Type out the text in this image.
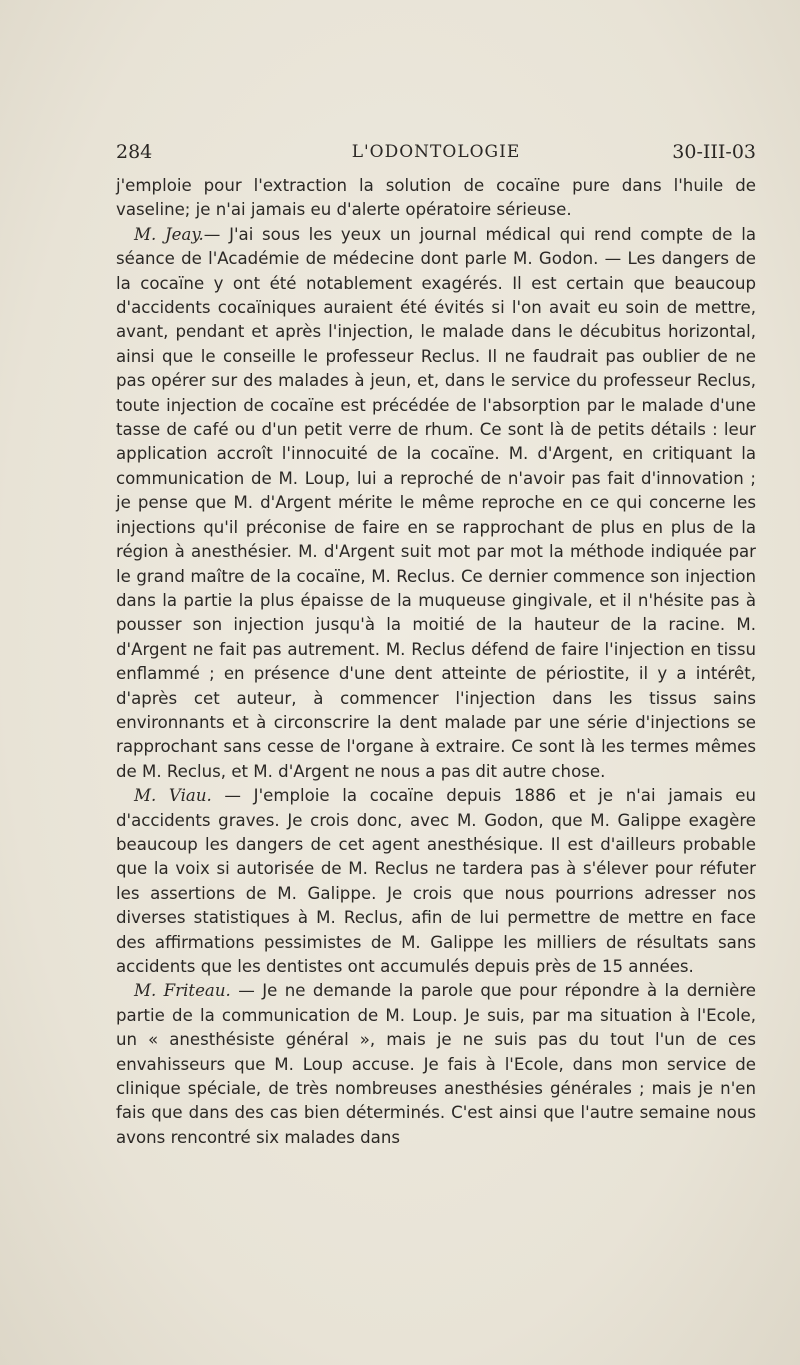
284	L'ODONTOLOGIE	30-III-03

j'emploie pour l'extraction la solution de cocaïne pure dans l'huile de vaseline; je n'ai jamais eu d'alerte opératoire sérieuse.

M. Jeay.— J'ai sous les yeux un journal médical qui rend compte de la séance de l'Académie de médecine dont parle M. Godon. — Les dangers de la cocaïne y ont été notablement exagérés. Il est certain que beaucoup d'accidents cocaïniques auraient été évités si l'on avait eu soin de mettre, avant, pendant et après l'injection, le malade dans le décubitus horizontal, ainsi que le conseille le professeur Reclus. Il ne faudrait pas oublier de ne pas opérer sur des malades à jeun, et, dans le service du professeur Reclus, toute injection de cocaïne est précédée de l'absorption par le malade d'une tasse de café ou d'un petit verre de rhum. Ce sont là de petits détails : leur application accroît l'innocuité de la cocaïne. M. d'Argent, en critiquant la communication de M. Loup, lui a reproché de n'avoir pas fait d'innovation ; je pense que M. d'Argent mérite le même reproche en ce qui concerne les injections qu'il préconise de faire en se rapprochant de plus en plus de la région à anesthésier. M. d'Argent suit mot par mot la méthode indiquée par le grand maître de la cocaïne, M. Reclus. Ce dernier commence son injection dans la partie la plus épaisse de la muqueuse gingivale, et il n'hésite pas à pousser son injection jusqu'à la moitié de la hauteur de la racine. M. d'Argent ne fait pas autrement. M. Reclus défend de faire l'injection en tissu enflammé ; en présence d'une dent atteinte de périostite, il y a intérêt, d'après cet auteur, à commencer l'injection dans les tissus sains environnants et à circonscrire la dent malade par une série d'injections se rapprochant sans cesse de l'organe à extraire. Ce sont là les termes mêmes de M. Reclus, et M. d'Argent ne nous a pas dit autre chose.

M. Viau. — J'emploie la cocaïne depuis 1886 et je n'ai jamais eu d'accidents graves. Je crois donc, avec M. Godon, que M. Galippe exagère beaucoup les dangers de cet agent anesthésique. Il est d'ailleurs probable que la voix si autorisée de M. Reclus ne tardera pas à s'élever pour réfuter les assertions de M. Galippe. Je crois que nous pourrions adresser nos diverses statistiques à M. Reclus, afin de lui permettre de mettre en face des affirmations pessimistes de M. Galippe les milliers de résultats sans accidents que les dentistes ont accumulés depuis près de 15 années.

M. Friteau. — Je ne demande la parole que pour répondre à la dernière partie de la communication de M. Loup. Je suis, par ma situation à l'Ecole, un « anesthésiste général », mais je ne suis pas du tout l'un de ces envahisseurs que M. Loup accuse. Je fais à l'Ecole, dans mon service de clinique spéciale, de très nombreuses anesthésies générales ; mais je n'en fais que dans des cas bien déterminés. C'est ainsi que l'autre semaine nous avons rencontré six malades dans
